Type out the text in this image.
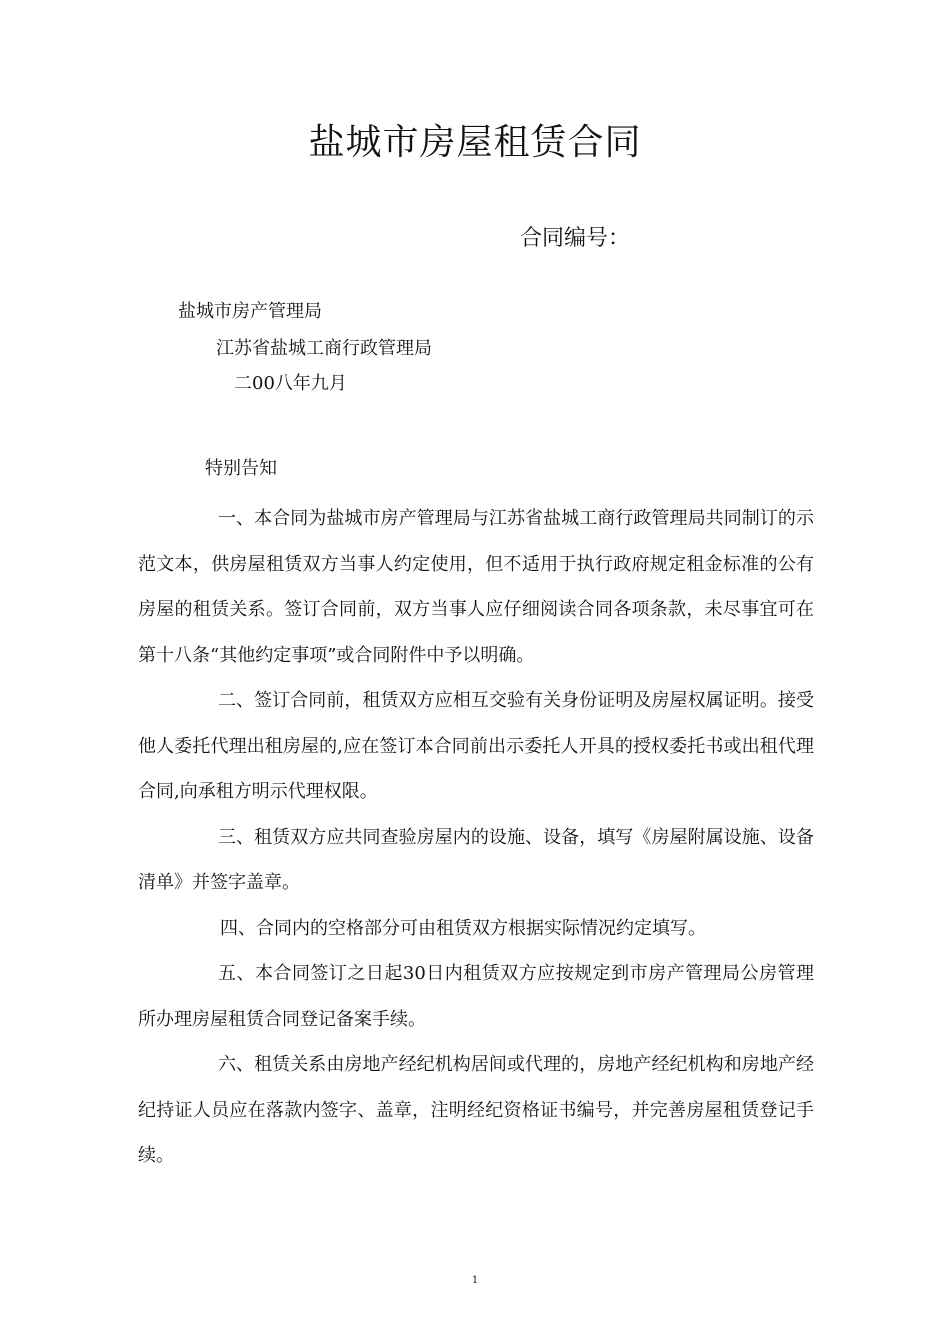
盐城市房屋租赁合同
合同编号：
盐城市房产管理局
江苏省盐城工商行政管理局
二00八年九月
特别告知

一、本合同为盐城市房产管理局与江苏省盐城工商行政管理局共同制订的示范文本，供房屋租赁双方当事人约定使用，但不适用于执行政府规定租金标准的公有房屋的租赁关系。签订合同前，双方当事人应仔细阅读合同各项条款，未尽事宜可在第十八条“其他约定事项”或合同附件中予以明确。

二、签订合同前，租赁双方应相互交验有关身份证明及房屋权属证明。接受他人委托代理出租房屋的,应在签订本合同前出示委托人开具的授权委托书或出租代理合同,向承租方明示代理权限。

三、租赁双方应共同查验房屋内的设施、设备，填写《房屋附属设施、设备清单》并签字盖章。

四、合同内的空格部分可由租赁双方根据实际情况约定填写。

五、本合同签订之日起30日内租赁双方应按规定到市房产管理局公房管理所办理房屋租赁合同登记备案手续。

六、租赁关系由房地产经纪机构居间或代理的，房地产经纪机构和房地产经纪持证人员应在落款内签字、盖章，注明经纪资格证书编号，并完善房屋租赁登记手续。

1
